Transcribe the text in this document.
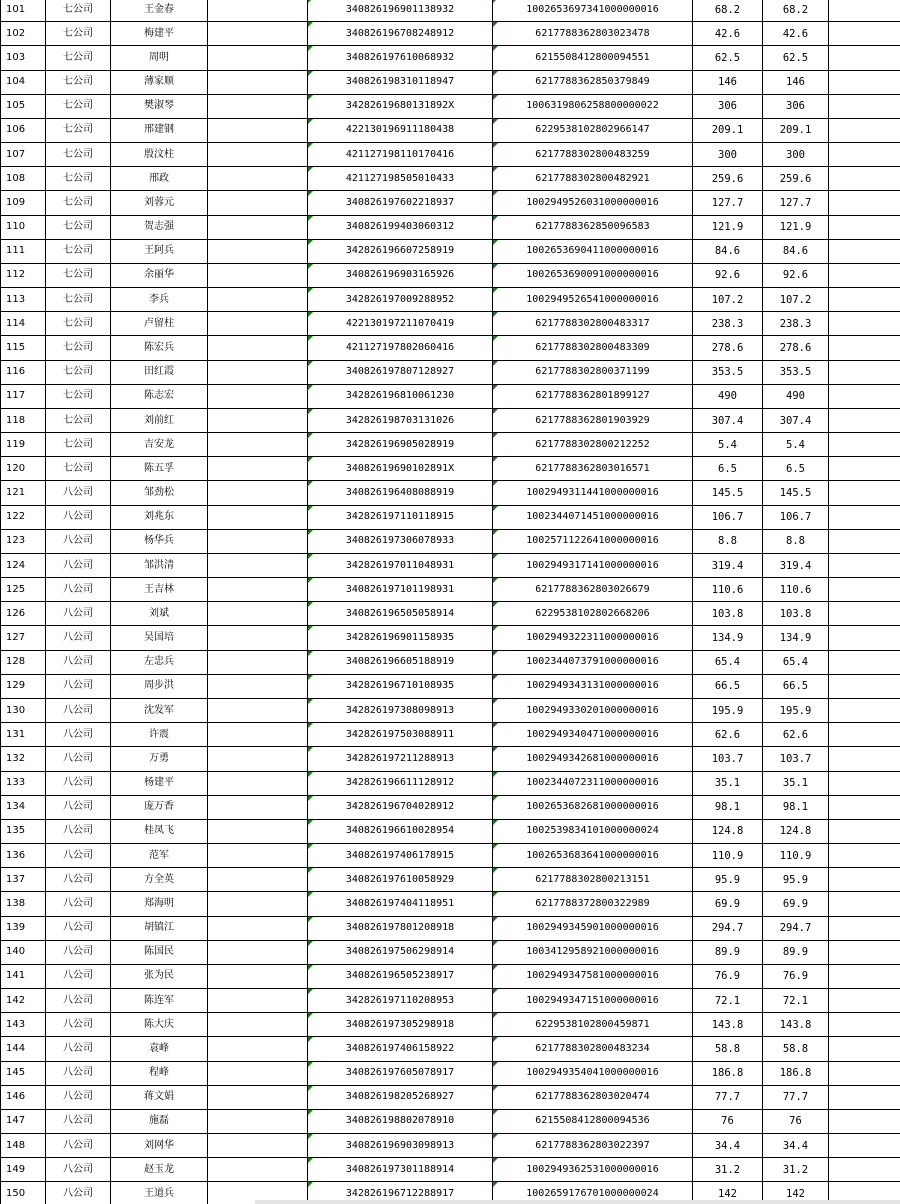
101	七公司	王金春		340826196901138932	1002653697341000000016	68.2	68.2	
102	七公司	梅建平		340826196708248912	6217788362803023478	42.6	42.6	
103	七公司	周明		340826197610068932	6215508412800094551	62.5	62.5	
104	七公司	薄家顺		340826198310118947	6217788362850379849	146	146	
105	七公司	樊淑琴		34282619680131892X	1006319806258800000022	306	306	
106	七公司	邢建钢		422130196911180438	6229538102802966147	209.1	209.1	
107	七公司	殷汶柱		421127198110170416	6217788302800483259	300	300	
108	七公司	邢政		421127198505010433	6217788302800482921	259.6	259.6	
109	七公司	刘蓉元		340826197602218937	1002949526031000000016	127.7	127.7	
110	七公司	贺志强		340826199403060312	6217788362850096583	121.9	121.9	
111	七公司	王阿兵		342826196607258919	1002653690411000000016	84.6	84.6	
112	七公司	余丽华		340826196903165926	1002653690091000000016	92.6	92.6	
113	七公司	李兵		342826197009288952	1002949526541000000016	107.2	107.2	
114	七公司	卢留柱		422130197211070419	6217788302800483317	238.3	238.3	
115	七公司	陈宏兵		421127197802060416	6217788302800483309	278.6	278.6	
116	七公司	田红霞		340826197807128927	6217788302800371199	353.5	353.5	
117	七公司	陈志宏		342826196810061230	6217788362801899127	490	490	
118	七公司	刘前红		342826198703131026	6217788362801903929	307.4	307.4	
119	七公司	吉安龙		342826196905028919	6217788302800212252	5.4	5.4	
120	七公司	陈五孚		34082619690102891X	6217788362803016571	6.5	6.5	
121	八公司	邹劲松		340826196408088919	1002949311441000000016	145.5	145.5	
122	八公司	刘兆东		342826197110118915	1002344071451000000016	106.7	106.7	
123	八公司	杨华兵		340826197306078933	1002571122641000000016	8.8	8.8	
124	八公司	邹洪清		342826197011048931	1002949317141000000016	319.4	319.4	
125	八公司	王吉林		340826197101198931	6217788362803026679	110.6	110.6	
126	八公司	刘斌		340826196505058914	6229538102802668206	103.8	103.8	
127	八公司	吴国培		342826196901158935	1002949322311000000016	134.9	134.9	
128	八公司	左忠兵		340826196605188919	1002344073791000000016	65.4	65.4	
129	八公司	周步洪		342826196710108935	1002949343131000000016	66.5	66.5	
130	八公司	沈发军		342826197308098913	1002949330201000000016	195.9	195.9	
131	八公司	许震		342826197503088911	1002949340471000000016	62.6	62.6	
132	八公司	万勇		342826197211288913	1002949342681000000016	103.7	103.7	
133	八公司	杨建平		342826196611128912	1002344072311000000016	35.1	35.1	
134	八公司	庞万香		342826196704028912	1002653682681000000016	98.1	98.1	
135	八公司	桂凤飞		340826196610028954	1002539834101000000024	124.8	124.8	
136	八公司	范军		340826197406178915	1002653683641000000016	110.9	110.9	
137	八公司	方全英		340826197610058929	6217788302800213151	95.9	95.9	
138	八公司	郑海明		340826197404118951	6217788372800322989	69.9	69.9	
139	八公司	胡镇江		340826197801208918	1002949345901000000016	294.7	294.7	
140	八公司	陈国民		340826197506298914	1003412958921000000016	89.9	89.9	
141	八公司	张为民		340826196505238917	1002949347581000000016	76.9	76.9	
142	八公司	陈连军		342826197110208953	1002949347151000000016	72.1	72.1	
143	八公司	陈大庆		340826197305298918	6229538102800459871	143.8	143.8	
144	八公司	袁峰		340826197406158922	6217788302800483234	58.8	58.8	
145	八公司	程峰		340826197605078917	1002949354041000000016	186.8	186.8	
146	八公司	蒋文娟		340826198205268927	6217788362803020474	77.7	77.7	
147	八公司	施磊		340826198802078910	6215508412800094536	76	76	
148	八公司	刘网华		340826196903098913	6217788362803022397	34.4	34.4	
149	八公司	赵玉龙		340826197301188914	1002949362531000000016	31.2	31.2	
150	八公司	王道兵		342826196712288917	1002659176701000000024	142	142	
